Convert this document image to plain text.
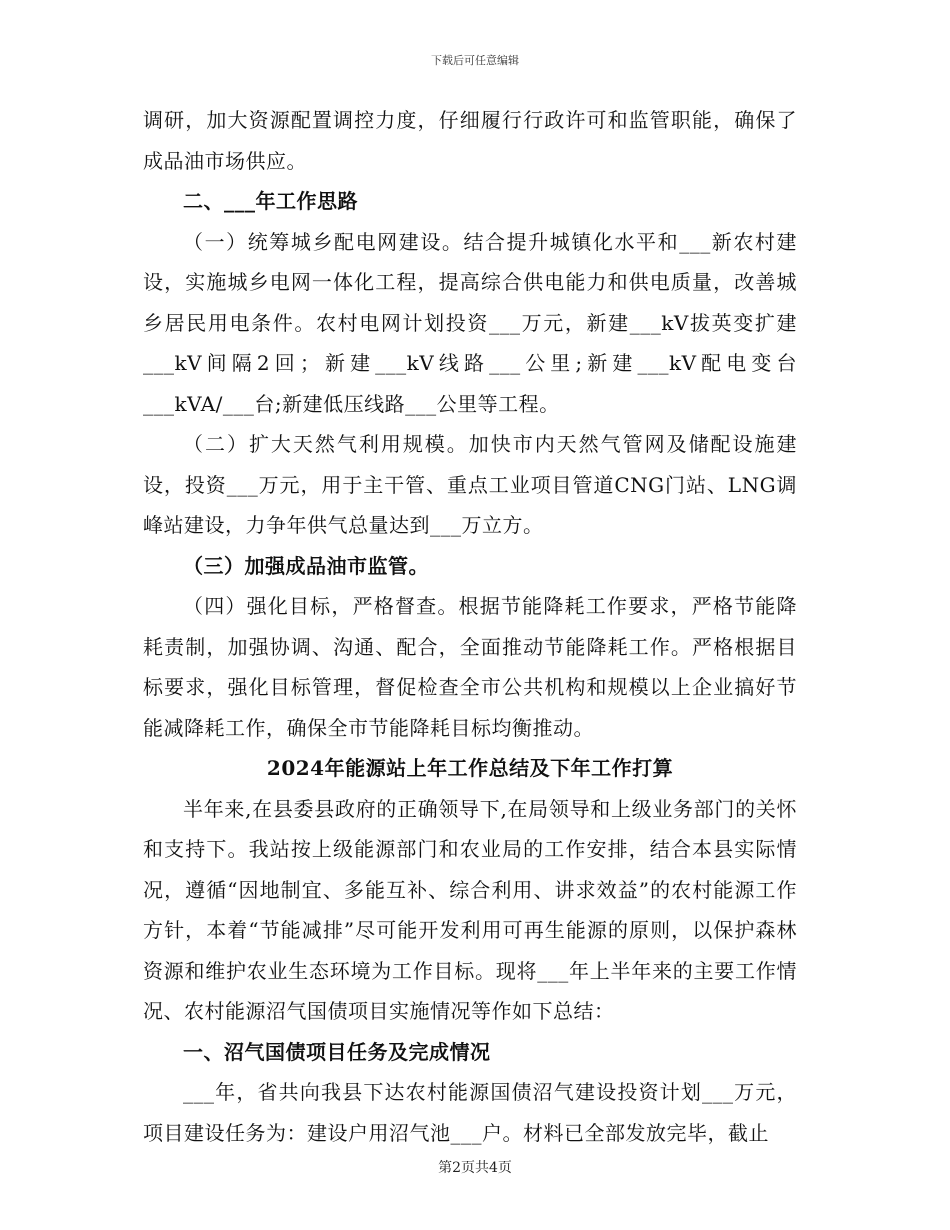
下载后可任意编辑

调研，加大资源配置调控力度，仔细履行行政许可和监管职能，确保了成品油市场供应。

二、___年工作思路

（一）统筹城乡配电网建设。结合提升城镇化水平和___新农村建设，实施城乡电网一体化工程，提高综合供电能力和供电质量，改善城乡居民用电条件。农村电网计划投资___万元，新建___kV拔英变扩建___kV间隔2回；新建___kV线路___公里;新建___kV配电变台___kVA/___台;新建低压线路___公里等工程。

（二）扩大天然气利用规模。加快市内天然气管网及储配设施建设，投资___万元，用于主干管、重点工业项目管道CNG门站、LNG调峰站建设，力争年供气总量达到___万立方。

（三）加强成品油市监管。

（四）强化目标，严格督查。根据节能降耗工作要求，严格节能降耗责制，加强协调、沟通、配合，全面推动节能降耗工作。严格根据目标要求，强化目标管理，督促检查全市公共机构和规模以上企业搞好节能减降耗工作，确保全市节能降耗目标均衡推动。

2024年能源站上年工作总结及下年工作打算

半年来,在县委县政府的正确领导下,在局领导和上级业务部门的关怀和支持下。我站按上级能源部门和农业局的工作安排，结合本县实际情况，遵循“因地制宜、多能互补、综合利用、讲求效益”的农村能源工作方针，本着“节能减排”尽可能开发利用可再生能源的原则，以保护森林资源和维护农业生态环境为工作目标。现将___年上半年来的主要工作情况、农村能源沼气国债项目实施情况等作如下总结：

一、沼气国债项目任务及完成情况

___年，省共向我县下达农村能源国债沼气建设投资计划___万元，项目建设任务为：建设户用沼气池___户。材料已全部发放完毕，截止

第2页共4页
